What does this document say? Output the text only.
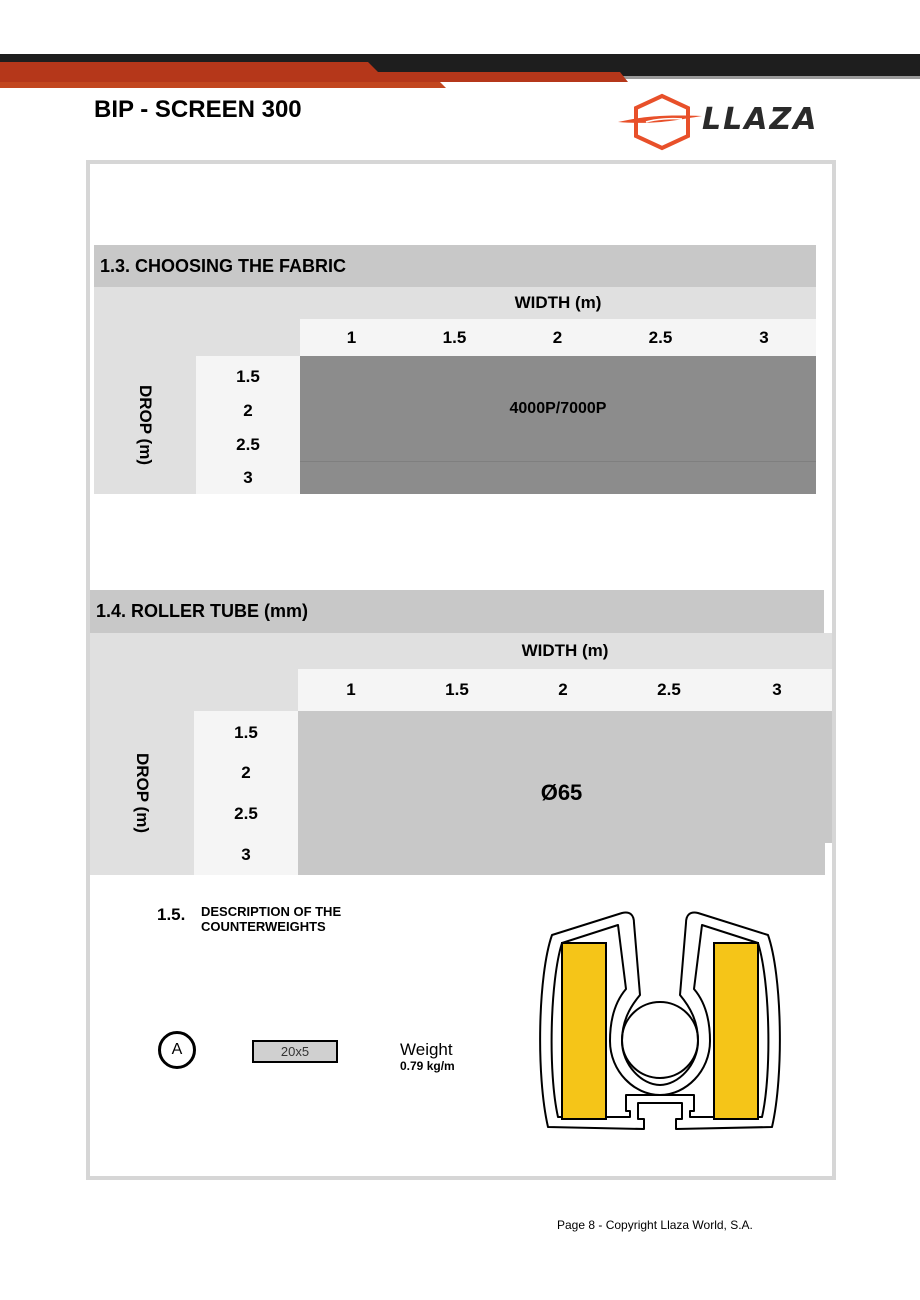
BIP - SCREEN 300	LLAZA
1.3. CHOOSING THE FABRIC
WIDTH (m)
1	1.5	2	2.5	3
DROP (m)
1.5
2
2.5
3
4000P/7000P
1.4. ROLLER TUBE (mm)
WIDTH (m)
1	1.5	2	2.5	3
DROP (m)
1.5
2
2.5
3
Ø65
1.5. DESCRIPTION OF THE
COUNTERWEIGHTS
A	20x5	Weight
0.79 kg/m
Page 8 - Copyright Llaza World, S.A.
